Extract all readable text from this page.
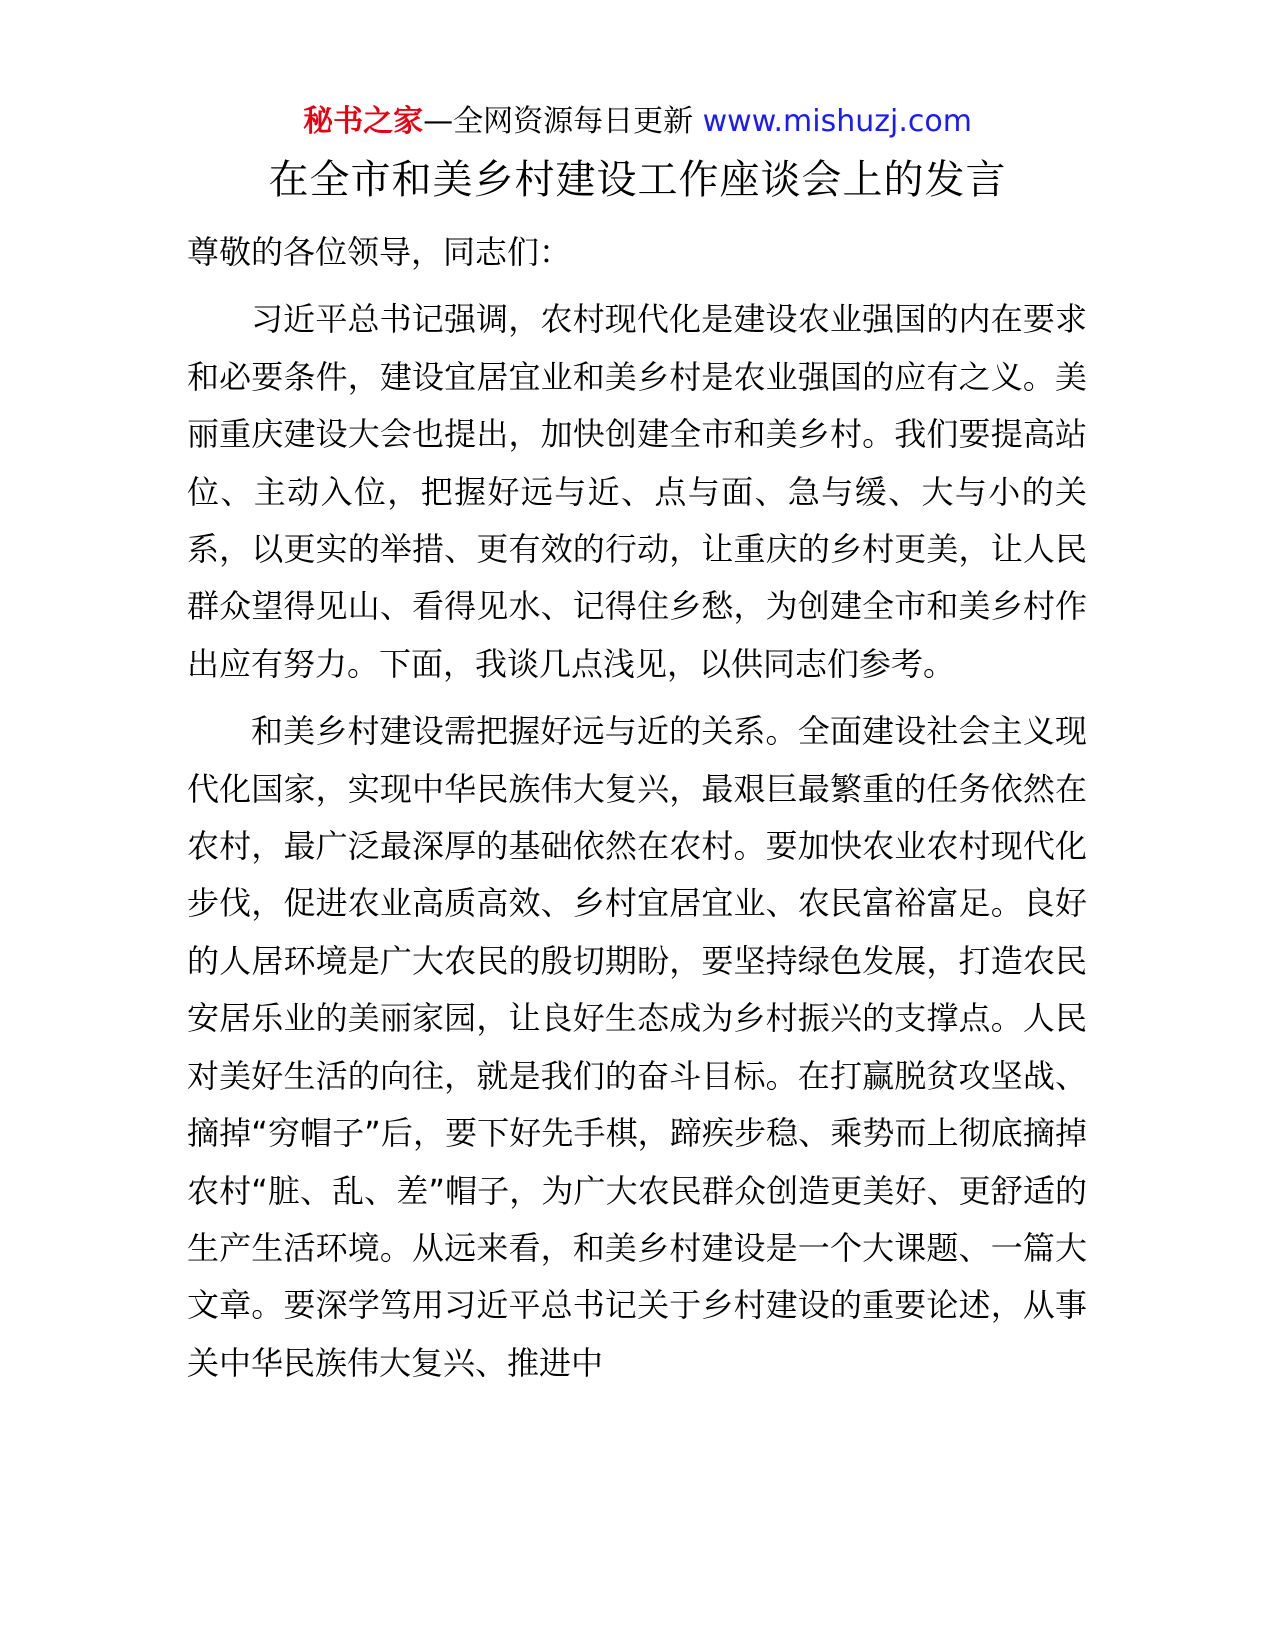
秘书之家—全网资源每日更新 www.mishuzj.com
在全市和美乡村建设工作座谈会上的发言

尊敬的各位领导，同志们：

习近平总书记强调，农村现代化是建设农业强国的内在要求和必要条件，建设宜居宜业和美乡村是农业强国的应有之义。美丽重庆建设大会也提出，加快创建全市和美乡村。我们要提高站位、主动入位，把握好远与近、点与面、急与缓、大与小的关系，以更实的举措、更有效的行动，让重庆的乡村更美，让人民群众望得见山、看得见水、记得住乡愁，为创建全市和美乡村作出应有努力。下面，我谈几点浅见，以供同志们参考。

和美乡村建设需把握好远与近的关系。全面建设社会主义现代化国家，实现中华民族伟大复兴，最艰巨最繁重的任务依然在农村，最广泛最深厚的基础依然在农村。要加快农业农村现代化步伐，促进农业高质高效、乡村宜居宜业、农民富裕富足。良好的人居环境是广大农民的殷切期盼，要坚持绿色发展，打造农民安居乐业的美丽家园，让良好生态成为乡村振兴的支撑点。人民对美好生活的向往，就是我们的奋斗目标。在打赢脱贫攻坚战、摘掉“穷帽子”后，要下好先手棋，蹄疾步稳、乘势而上彻底摘掉农村“脏、乱、差”帽子，为广大农民群众创造更美好、更舒适的生产生活环境。从远来看，和美乡村建设是一个大课题、一篇大文章。要深学笃用习近平总书记关于乡村建设的重要论述，从事关中华民族伟大复兴、推进中
